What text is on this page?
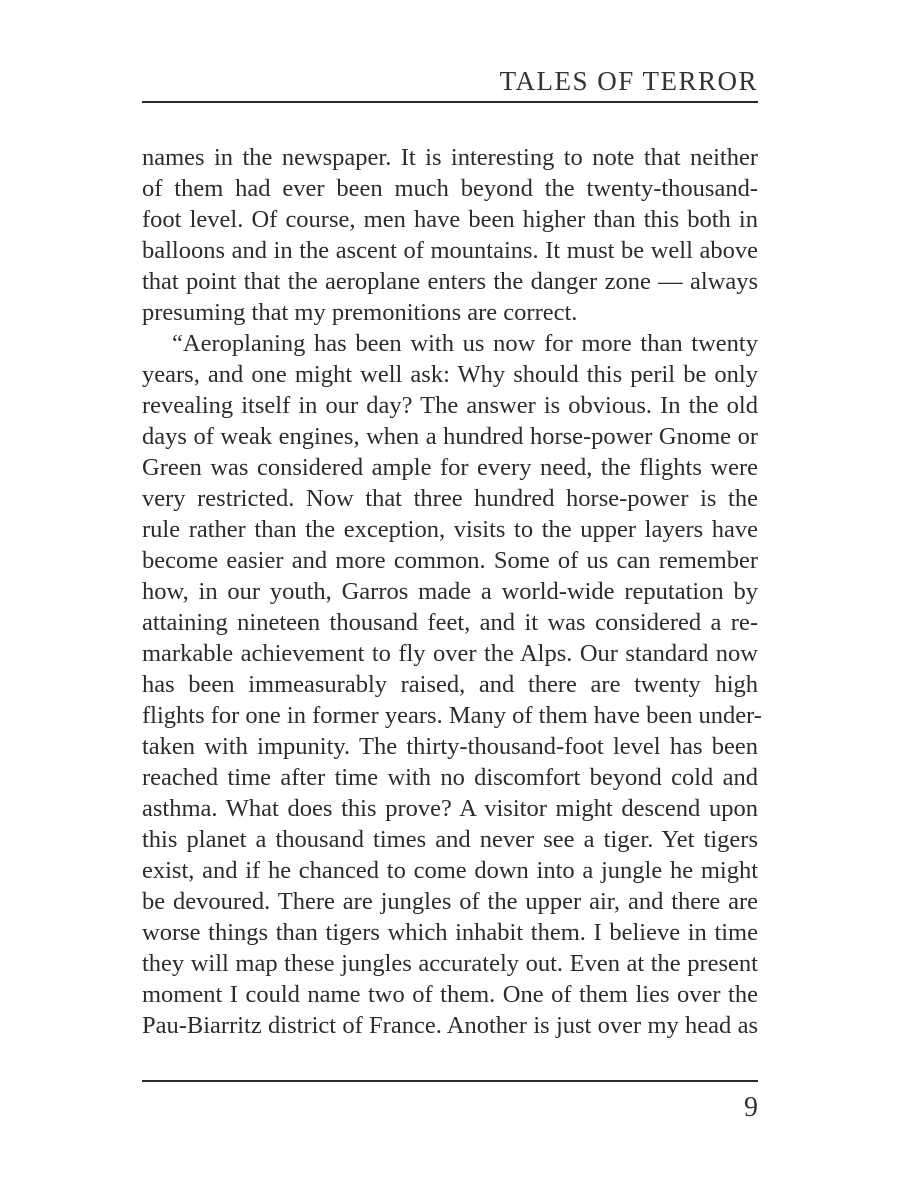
TALES OF TERROR
names in the newspaper. It is interesting to note that neither
of them had ever been much beyond the twenty-thousand-
foot level. Of course, men have been higher than this both in
balloons and in the ascent of mountains. It must be well above
that point that the aeroplane enters the danger zone — always
presuming that my premonitions are correct.
“Aeroplaning has been with us now for more than twenty
years, and one might well ask: Why should this peril be only
revealing itself in our day? The answer is obvious. In the old
days of weak engines, when a hundred horse-power Gnome or
Green was considered ample for every need, the flights were
very restricted. Now that three hundred horse-power is the
rule rather than the exception, visits to the upper layers have
become easier and more common. Some of us can remember
how, in our youth, Garros made a world-wide reputation by
attaining nineteen thousand feet, and it was considered a re-
markable achievement to fly over the Alps. Our standard now
has been immeasurably raised, and there are twenty high
flights for one in former years. Many of them have been under-
taken with impunity. The thirty-thousand-foot level has been
reached time after time with no discomfort beyond cold and
asthma. What does this prove? A visitor might descend upon
this planet a thousand times and never see a tiger. Yet tigers
exist, and if he chanced to come down into a jungle he might
be devoured. There are jungles of the upper air, and there are
worse things than tigers which inhabit them. I believe in time
they will map these jungles accurately out. Even at the present
moment I could name two of them. One of them lies over the
Pau-Biarritz district of France. Another is just over my head as
9
